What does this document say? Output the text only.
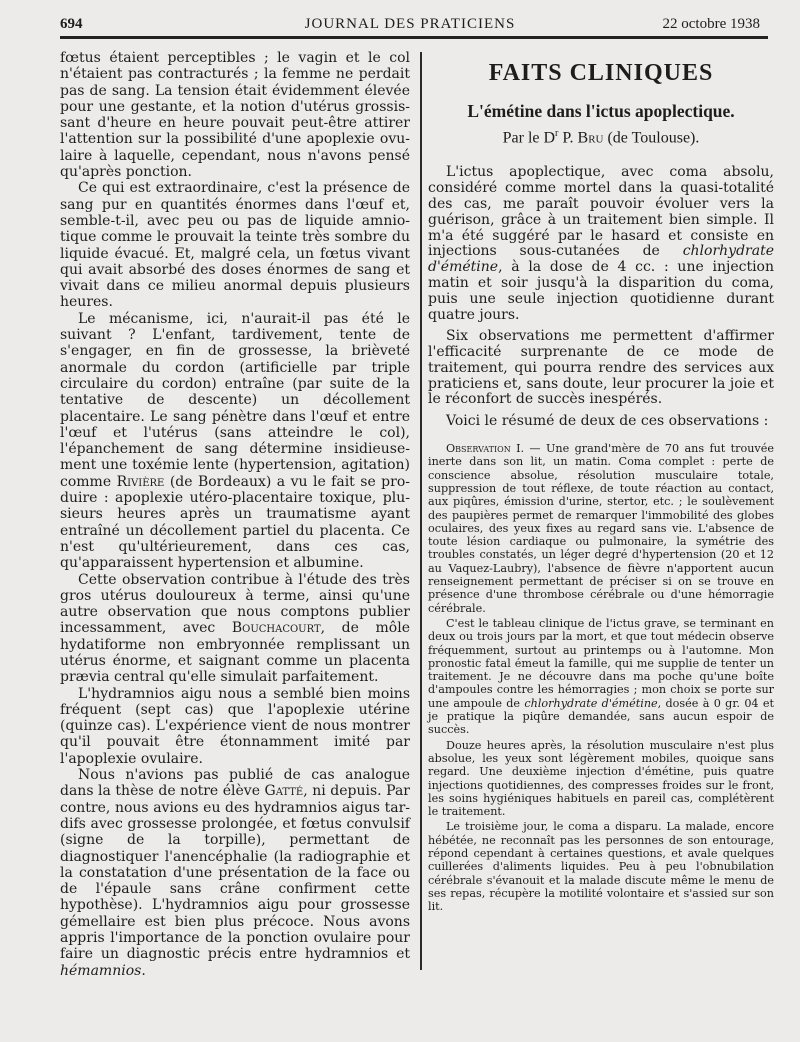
694	JOURNAL DES PRATICIENS	22 octobre 1938

fœtus étaient perceptibles ; le vagin et le col n'étaient pas contracturés ; la femme ne perdait pas de sang. La tension était évidemment élevée pour une gestante, et la notion d'utérus grossissant d'heure en heure pouvait peut-être attirer l'attention sur la possibilité d'une apoplexie ovulaire à laquelle, cependant, nous n'avons pensé qu'après ponction.

Ce qui est extraordinaire, c'est la présence de sang pur en quantités énormes dans l'œuf et, semble-t-il, avec peu ou pas de liquide amniotique comme le prouvait la teinte très sombre du liquide évacué. Et, malgré cela, un fœtus vivant qui avait absorbé des doses énormes de sang et vivait dans ce milieu anormal depuis plusieurs heures.

Le mécanisme, ici, n'aurait-il pas été le suivant ? L'enfant, tardivement, tente de s'engager, en fin de grossesse, la brièveté anormale du cordon (artificielle par triple circulaire du cordon) entraîne (par suite de la tentative de descente) un décollement placentaire. Le sang pénètre dans l'œuf et entre l'œuf et l'utérus (sans atteindre le col), l'épanchement de sang détermine insidieusement une toxémie lente (hypertension, agitation) comme Rivière (de Bordeaux) a vu le fait se produire : apoplexie utéro-placentaire toxique, plusieurs heures après un traumatisme ayant entraîné un décollement partiel du placenta. Ce n'est qu'ultérieurement, dans ces cas, qu'apparaissent hypertension et albumine.

Cette observation contribue à l'étude des très gros utérus douloureux à terme, ainsi qu'une autre observation que nous comptons publier incessamment, avec Bouchacourt, de môle hydatiforme non embryonnée remplissant un utérus énorme, et saignant comme un placenta prævia central qu'elle simulait parfaitement.

L'hydramnios aigu nous a semblé bien moins fréquent (sept cas) que l'apoplexie utérine (quinze cas). L'expérience vient de nous montrer qu'il pouvait être étonnamment imité par l'apoplexie ovulaire.

Nous n'avions pas publié de cas analogue dans la thèse de notre élève Gatté, ni depuis. Par contre, nous avions eu des hydramnios aigus tardifs avec grossesse prolongée, et fœtus convulsif (signe de la torpille), permettant de diagnostiquer l'anencéphalie (la radiographie et la constatation d'une présentation de la face ou de l'épaule sans crâne confirment cette hypothèse). L'hydramnios aigu pour grossesse gémellaire est bien plus précoce. Nous avons appris l'importance de la ponction ovulaire pour faire un diagnostic précis entre hydramnios et hémamnios.

FAITS CLINIQUES
L'émétine dans l'ictus apoplectique.
Par le $D^r$ P. Bru (de Toulouse).

L'ictus apoplectique, avec coma absolu, considéré comme mortel dans la quasi-totalité des cas, me paraît pouvoir évoluer vers la guérison, grâce à un traitement bien simple. Il m'a été suggéré par le hasard et consiste en injections sous-cutanées de chlorhydrate d'émétine, à la dose de 4 cc. : une injection matin et soir jusqu'à la disparition du coma, puis une seule injection quotidienne durant quatre jours.

Six observations me permettent d'affirmer l'efficacité surprenante de ce mode de traitement, qui pourra rendre des services aux praticiens et, sans doute, leur procurer la joie et le réconfort de succès inespérés.

Voici le résumé de deux de ces observations :

Observation I. — Une grand'mère de 70 ans fut trouvée inerte dans son lit, un matin. Coma complet : perte de conscience absolue, résolution musculaire totale, suppression de tout réflexe, de toute réaction au contact, aux piqûres, émission d'urine, stertor, etc. ; le soulèvement des paupières permet de remarquer l'immobilité des globes oculaires, des yeux fixes au regard sans vie. L'absence de toute lésion cardiaque ou pulmonaire, la symétrie des troubles constatés, un léger degré d'hypertension (20 et 12 au Vaquez-Laubry), l'absence de fièvre n'apportent aucun renseignement permettant de préciser si on se trouve en présence d'une thrombose cérébrale ou d'une hémorragie cérébrale.

C'est le tableau clinique de l'ictus grave, se terminant en deux ou trois jours par la mort, et que tout médecin observe fréquemment, surtout au printemps ou à l'automne. Mon pronostic fatal émeut la famille, qui me supplie de tenter un traitement. Je ne découvre dans ma poche qu'une boîte d'ampoules contre les hémorragies ; mon choix se porte sur une ampoule de chlorhydrate d'émétine, dosée à 0 gr. 04 et je pratique la piqûre demandée, sans aucun espoir de succès.

Douze heures après, la résolution musculaire n'est plus absolue, les yeux sont légèrement mobiles, quoique sans regard. Une deuxième injection d'émétine, puis quatre injections quotidiennes, des compresses froides sur le front, les soins hygiéniques habituels en pareil cas, complétèrent le traitement.

Le troisième jour, le coma a disparu. La malade, encore hébétée, ne reconnaît pas les personnes de son entourage, répond cependant à certaines questions, et avale quelques cuillerées d'aliments liquides. Peu à peu l'obnubilation cérébrale s'évanouit et la malade discute même le menu de ses repas, récupère la motilité volontaire et s'assied sur son lit.
